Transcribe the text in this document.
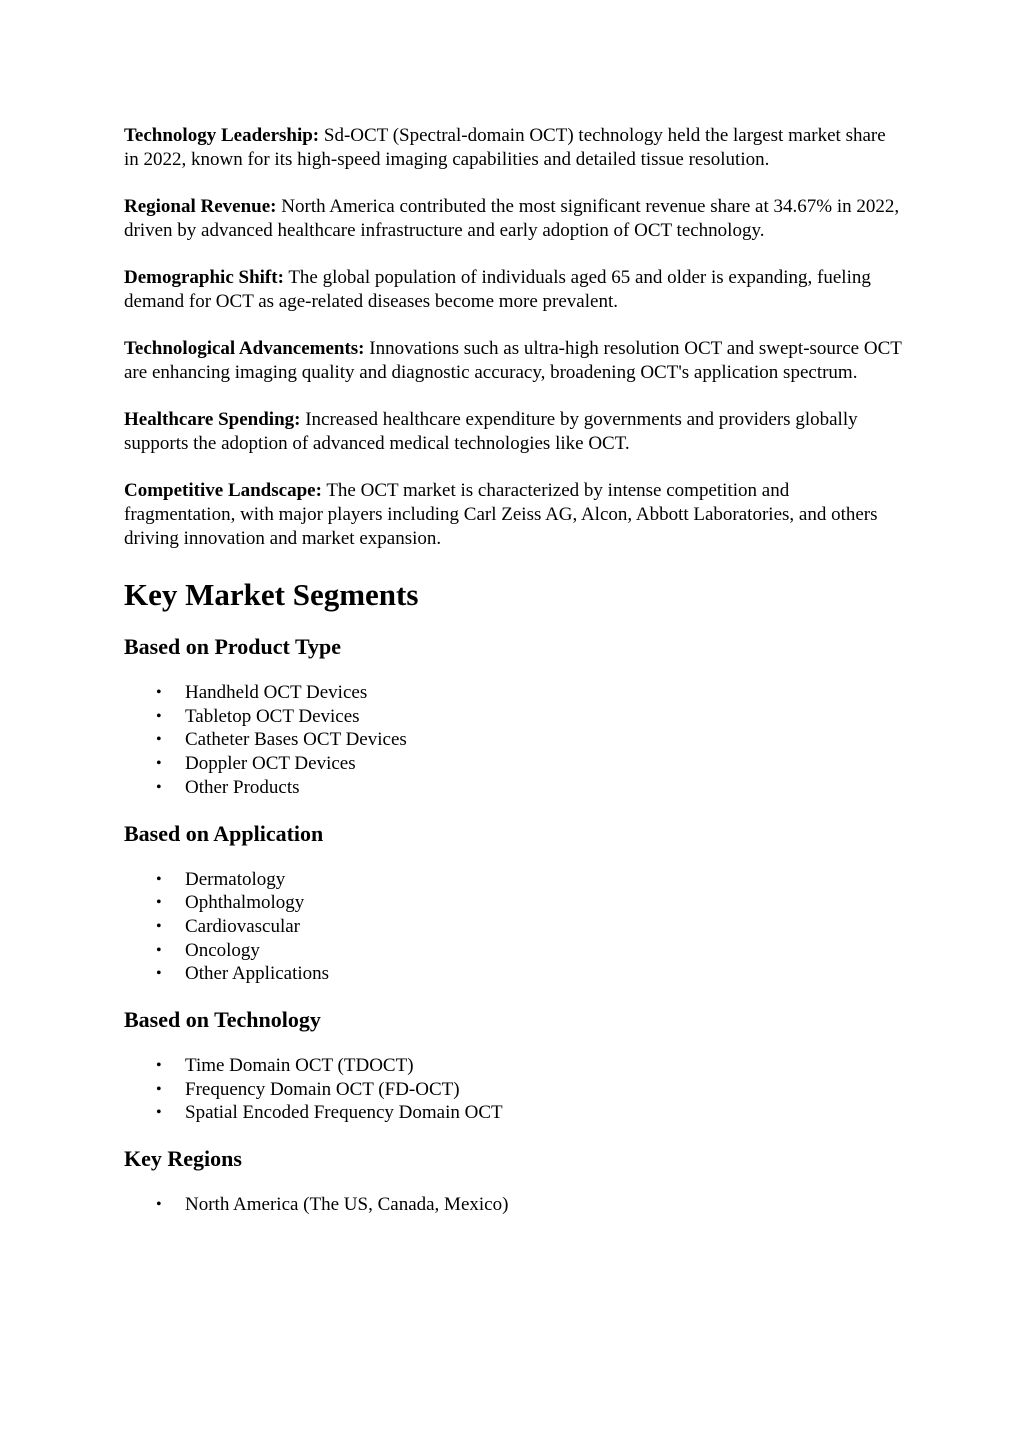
Technology Leadership: Sd-OCT (Spectral-domain OCT) technology held the largest market share in 2022, known for its high-speed imaging capabilities and detailed tissue resolution.

Regional Revenue: North America contributed the most significant revenue share at 34.67% in 2022, driven by advanced healthcare infrastructure and early adoption of OCT technology.

Demographic Shift: The global population of individuals aged 65 and older is expanding, fueling demand for OCT as age-related diseases become more prevalent.

Technological Advancements: Innovations such as ultra-high resolution OCT and swept-source OCT are enhancing imaging quality and diagnostic accuracy, broadening OCT's application spectrum.

Healthcare Spending: Increased healthcare expenditure by governments and providers globally supports the adoption of advanced medical technologies like OCT.

Competitive Landscape: The OCT market is characterized by intense competition and fragmentation, with major players including Carl Zeiss AG, Alcon, Abbott Laboratories, and others driving innovation and market expansion.

Key Market Segments
Based on Product Type
• Handheld OCT Devices
• Tabletop OCT Devices
• Catheter Bases OCT Devices
• Doppler OCT Devices
• Other Products
Based on Application
• Dermatology
• Ophthalmology
• Cardiovascular
• Oncology
• Other Applications
Based on Technology
• Time Domain OCT (TDOCT)
• Frequency Domain OCT (FD-OCT)
• Spatial Encoded Frequency Domain OCT
Key Regions
• North America (The US, Canada, Mexico)
